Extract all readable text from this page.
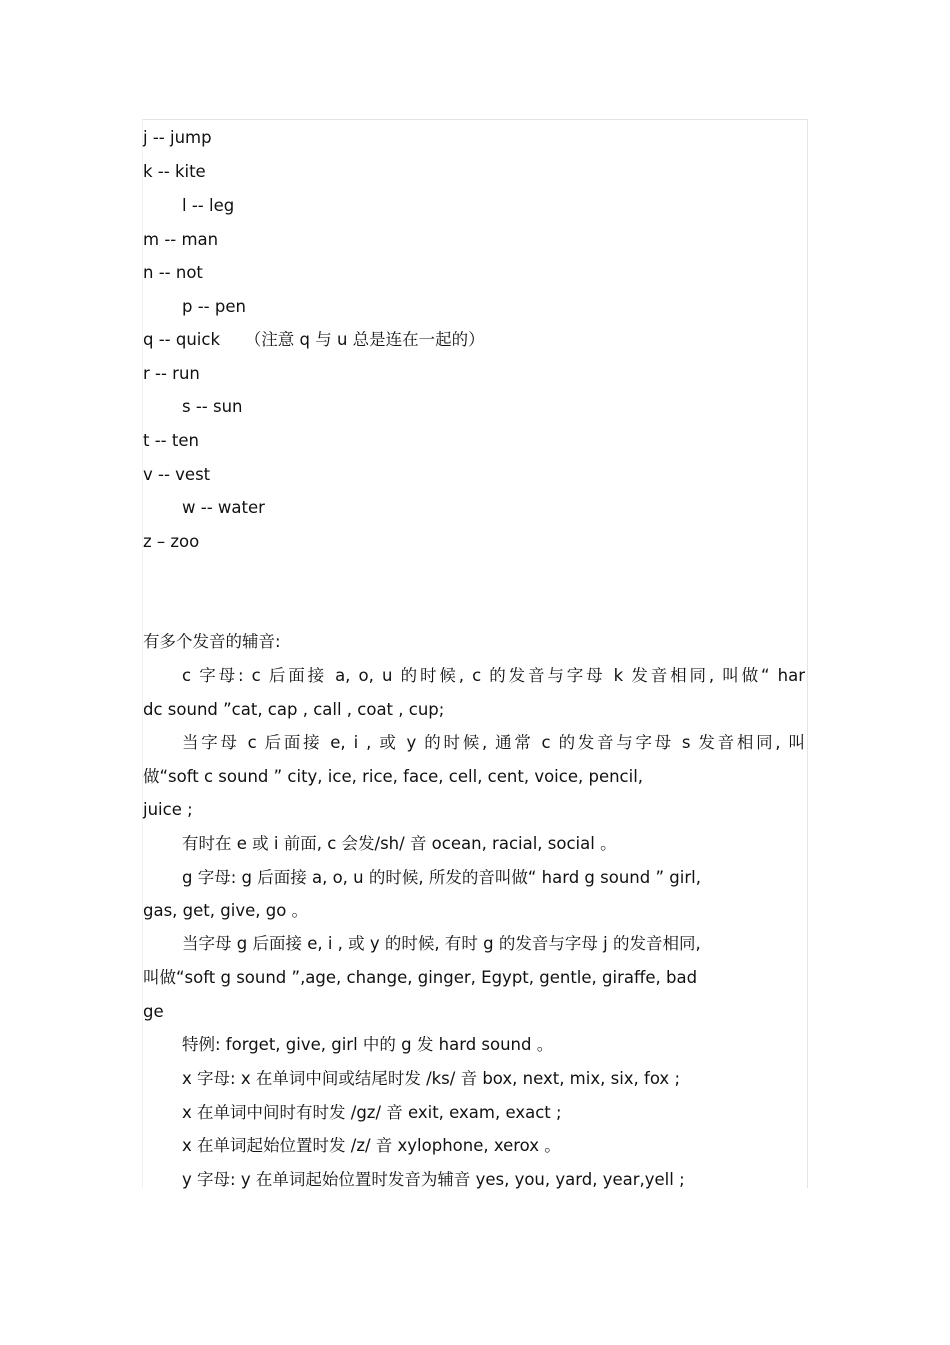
j -- jump
k -- kite
l -- leg
m -- man
n -- not
p -- pen
q -- quick　　（注意 q 与 u 总是连在一起的）
r -- run
s -- sun
t -- ten
v -- vest
w -- water
z – zoo
有多个发音的辅音:
c 字母: c 后面接 a, o, u 的时候, c 的发音与字母 k 发音相同, 叫做“ har
dc sound ”cat, cap , call , coat , cup;
当字母 c 后面接 e, i , 或 y 的时候, 通常 c 的发音与字母 s 发音相同, 叫
做“soft c sound ” city, ice, rice, face, cell, cent, voice, pencil,
juice ;
有时在 e 或 i 前面, c 会发/sh/ 音 ocean, racial, social 。
g 字母: g 后面接 a, o, u 的时候, 所发的音叫做“ hard g sound ” girl,
gas, get, give, go 。
当字母 g 后面接 e, i , 或 y 的时候, 有时 g 的发音与字母 j 的发音相同,
叫做“soft g sound ”,age, change, ginger, Egypt, gentle, giraffe, bad
ge
特例: forget, give, girl 中的 g 发 hard sound 。
x 字母: x 在单词中间或结尾时发 /ks/ 音 box, next, mix, six, fox ;
x 在单词中间时有时发 /gz/ 音 exit, exam, exact ;
x 在单词起始位置时发 /z/ 音 xylophone, xerox 。
y 字母: y 在单词起始位置时发音为辅音 yes, you, yard, year,yell ;
